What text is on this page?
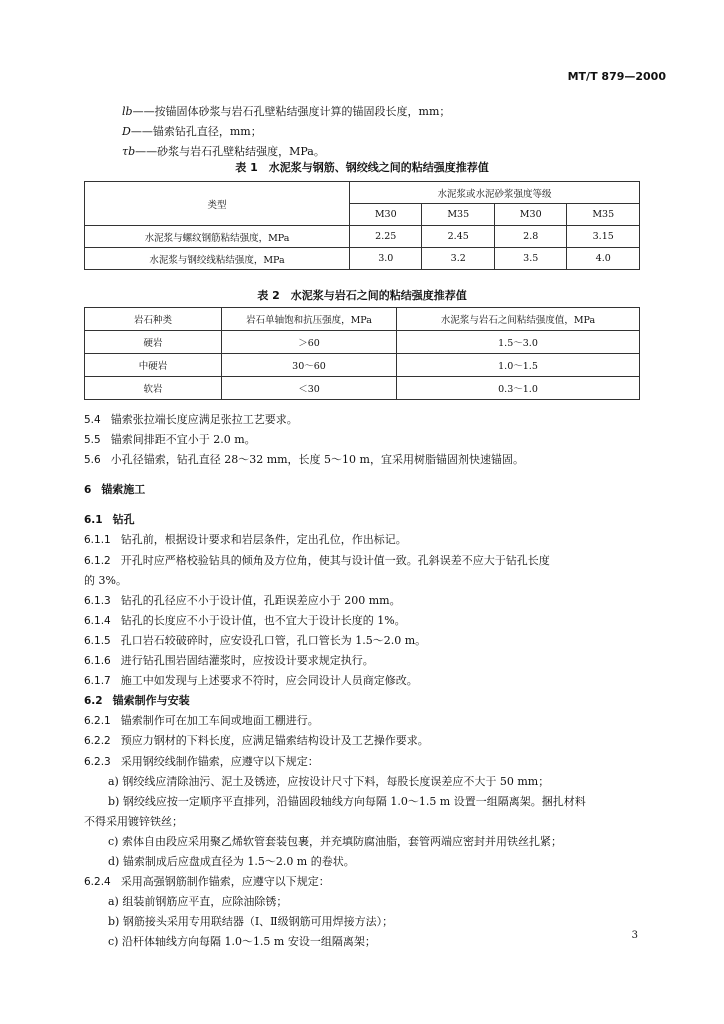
MT/T 879—2000
lb——按锚固体砂浆与岩石孔壁粘结强度计算的锚固段长度，mm；
D——锚索钻孔直径，mm；
τb——砂浆与岩石孔壁粘结强度，MPa。
表 1　水泥浆与钢筋、钢绞线之间的粘结强度推荐值
类型	水泥浆或水泥砂浆强度等级			
	M30	M35	M30	M35
水泥浆与螺纹钢筋粘结强度，MPa	2.25	2.45	2.8	3.15
水泥浆与钢绞线粘结强度，MPa	3.0	3.2	3.5	4.0
表 2　水泥浆与岩石之间的粘结强度推荐值
岩石种类	岩石单轴饱和抗压强度，MPa	水泥浆与岩石之间粘结强度值，MPa
硬岩	＞60	1.5～3.0
中硬岩	30～60	1.0～1.5
软岩	＜30	0.3～1.0

5.4 锚索张拉端长度应满足张拉工艺要求。

5.5 锚索间排距不宜小于 2.0 m。

5.6 小孔径锚索，钻孔直径 28～32 mm，长度 5～10 m，宜采用树脂锚固剂快速锚固。

6 锚索施工

6.1 钻孔

6.1.1 钻孔前，根据设计要求和岩层条件，定出孔位，作出标记。

6.1.2 开孔时应严格校验钻具的倾角及方位角，使其与设计值一致。孔斜误差不应大于钻孔长度

的 3%。

6.1.3 钻孔的孔径应不小于设计值，孔距误差应小于 200 mm。

6.1.4 钻孔的长度应不小于设计值，也不宜大于设计长度的 1%。

6.1.5 孔口岩石较破碎时，应安设孔口管，孔口管长为 1.5～2.0 m。

6.1.6 进行钻孔围岩固结灌浆时，应按设计要求规定执行。

6.1.7 施工中如发现与上述要求不符时，应会同设计人员商定修改。

6.2 锚索制作与安装

6.2.1 锚索制作可在加工车间或地面工棚进行。

6.2.2 预应力钢材的下料长度，应满足锚索结构设计及工艺操作要求。

6.2.3 采用钢绞线制作锚索，应遵守以下规定：

a) 钢绞线应清除油污、泥土及锈迹，应按设计尺寸下料，每股长度误差应不大于 50 mm；

b) 钢绞线应按一定顺序平直排列，沿锚固段轴线方向每隔 1.0～1.5 m 设置一组隔离架。捆扎材料

不得采用镀锌铁丝；

c) 索体自由段应采用聚乙烯软管套装包裹，并充填防腐油脂，套管两端应密封并用铁丝扎紧；

d) 锚索制成后应盘成直径为 1.5～2.0 m 的卷状。

6.2.4 采用高强钢筋制作锚索，应遵守以下规定：

a) 组装前钢筋应平直，应除油除锈；

b) 钢筋接头采用专用联结器（Ⅰ、Ⅱ级钢筋可用焊接方法）；

c) 沿杆体轴线方向每隔 1.0～1.5 m 安设一组隔离架；	3
